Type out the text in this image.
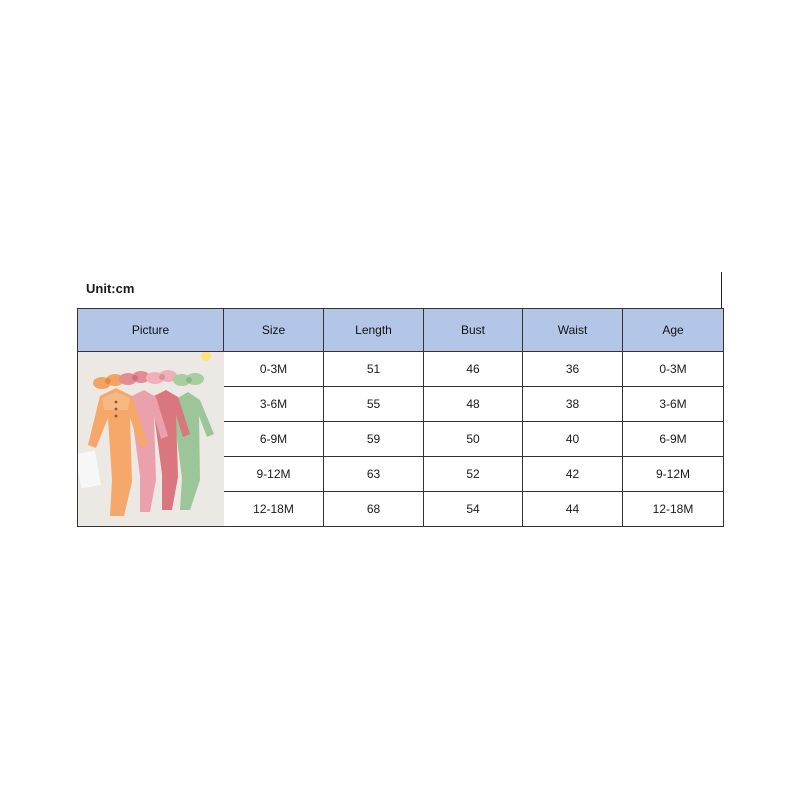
Unit:cm
Picture	Size	Length	Bust	Waist	Age

	0-3M	51	46	36	0-3M
	3-6M	55	48	38	3-6M
	6-9M	59	50	40	6-9M
	9-12M	63	52	42	9-12M
	12-18M	68	54	44	12-18M
